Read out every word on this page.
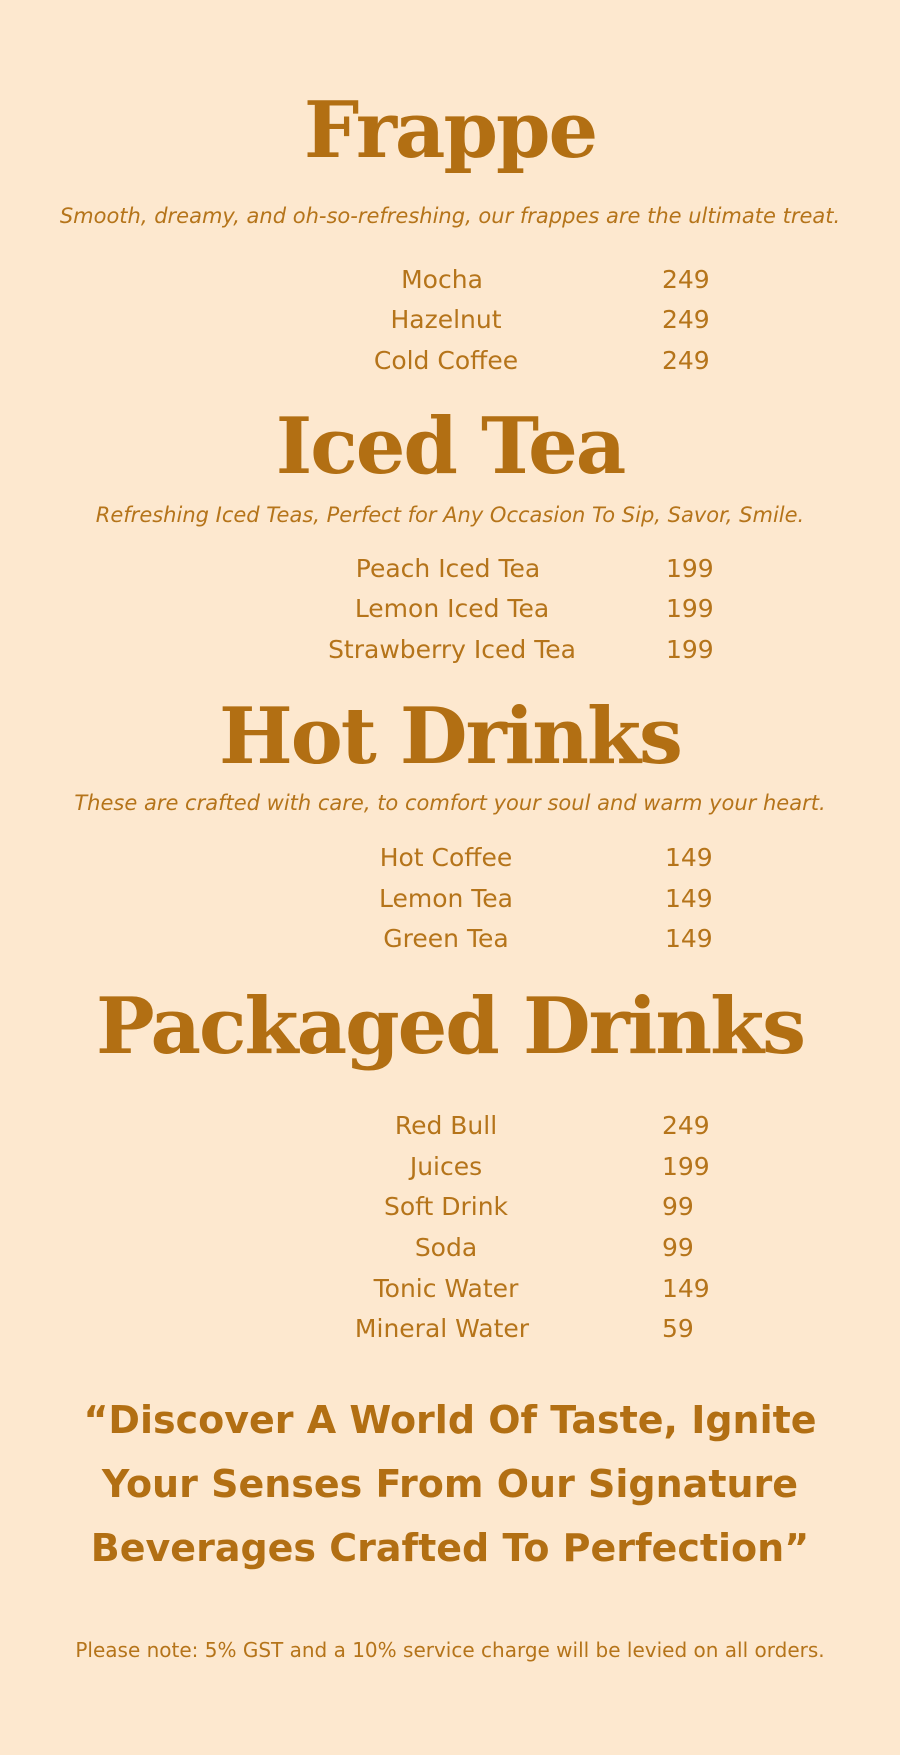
Frappe

Smooth, dreamy, and oh-so-refreshing, our frappes are the ultimate treat.

Mocha	249
Hazelnut	249
Cold Coffee	249
Iced Tea

Refreshing Iced Teas, Perfect for Any Occasion To Sip, Savor, Smile.

Peach Iced Tea	199
Lemon Iced Tea	199
Strawberry Iced Tea	199
Hot Drinks

These are crafted with care, to comfort your soul and warm your heart.

Hot Coffee	149
Lemon Tea	149
Green Tea	149
Packaged Drinks
Red Bull	249
Juices	199
Soft Drink	99
Soda	99
Tonic Water	149
Mineral Water	59

“Discover A World Of Taste, Ignite Your Senses From Our Signature Beverages Crafted To Perfection”

Please note: 5% GST and a 10% service charge will be levied on all orders.
